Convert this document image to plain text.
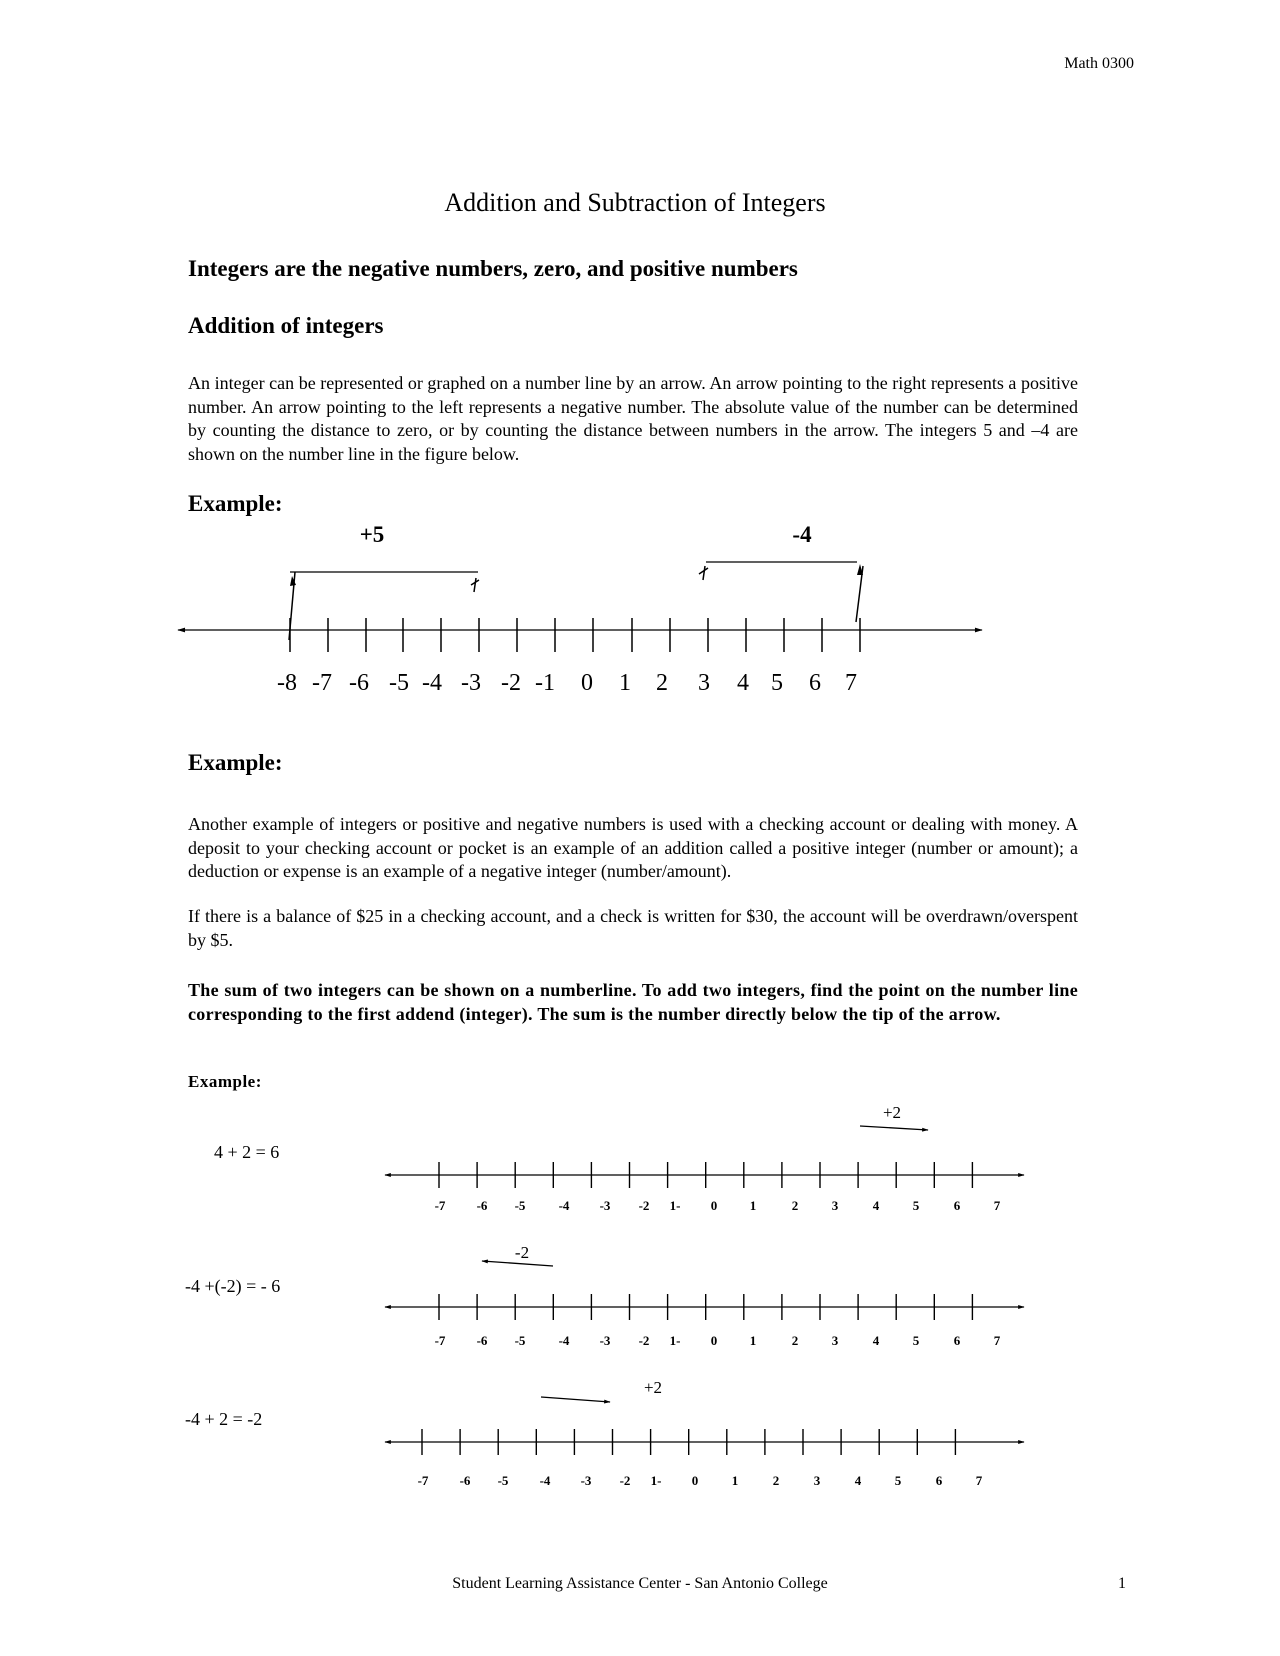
Math 0300
Addition and Subtraction of Integers
Integers are the negative numbers, zero, and positive numbers
Addition of integers

An integer can be represented or graphed on a number line by an arrow. An arrow pointing to the right represents a positive number. An arrow pointing to the left represents a negative number. The absolute value of the number can be determined by counting the distance to zero, or by counting the distance between numbers in the arrow. The integers 5 and –4 are shown on the number line in the figure below.

Example:
-8 -7 -6 -5 -4 -3 -2 -1 0 1 2 3 4 5 6 7
+5	-4
Example:

Another example of integers or positive and negative numbers is used with a checking account or dealing with money. A deposit to your checking account or pocket is an example of an addition called a positive integer (number or amount); a deduction or expense is an example of a negative integer (number/amount).

If there is a balance of $25 in a checking account, and a check is written for $30, the account will be overdrawn/overspent by $5.

The sum of two integers can be shown on a numberline. To add two integers, find the point on the number line corresponding to the first addend (integer). The sum is the number directly below the tip of the arrow.

Example:
4 + 2 = 6
-4 +(-2) = - 6
-4 + 2 = -2
-7 -6 -5	-4 -3 -2 1- 0	1	2	3	4	5	6	7
+2
-7 -6 -5	-4 -3 -2 1- 0	1	2	3	4	5	6	7
-2
-7 -6 -5 -4 -3 -2 1- 0	1	2	3	4	5	6	7
+2
Student Learning Assistance Center - San Antonio College	1
